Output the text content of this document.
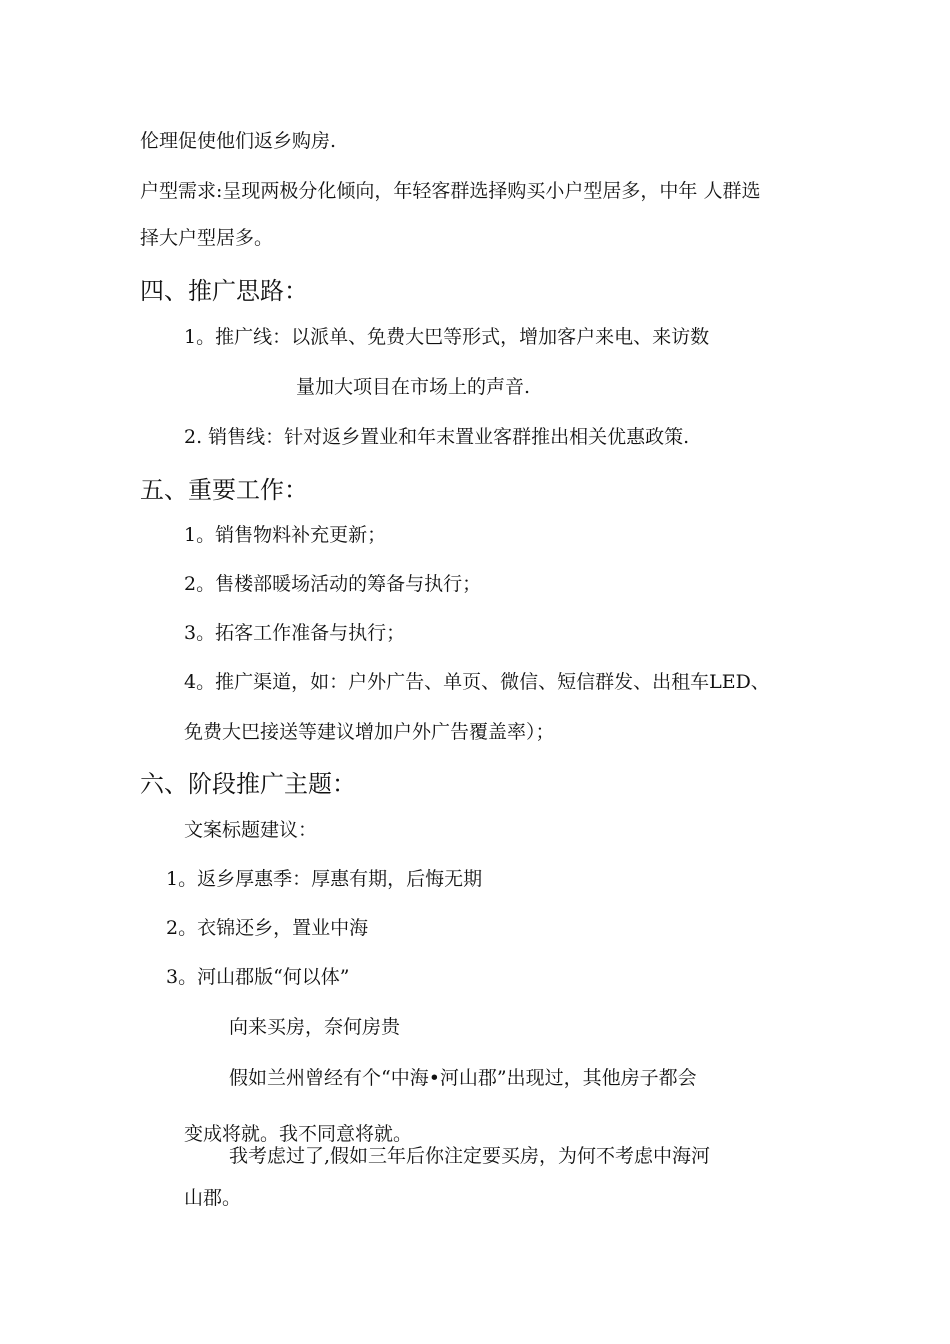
伦理促使他们返乡购房.
户型需求:呈现两极分化倾向，年轻客群选择购买小户型居多，中年 人群选
择大户型居多。
四、推广思路：
1。推广线：以派单、免费大巴等形式，增加客户来电、来访数
量加大项目在市场上的声音.
2. 销售线：针对返乡置业和年末置业客群推出相关优惠政策.
五、重要工作：
1。销售物料补充更新；
2。售楼部暖场活动的筹备与执行；
3。拓客工作准备与执行；
4。推广渠道，如：户外广告、单页、微信、短信群发、出租车LED、
免费大巴接送等建议增加户外广告覆盖率）；
六、阶段推广主题：
文案标题建议：
1。返乡厚惠季：厚惠有期，后悔无期
2。衣锦还乡，置业中海
3。河山郡版“何以体”
向来买房，奈何房贵
假如兰州曾经有个“中海•河山郡”出现过，其他房子都会
变成将就。我不同意将就。
我考虑过了,假如三年后你注定要买房，为何不考虑中海河
山郡。
